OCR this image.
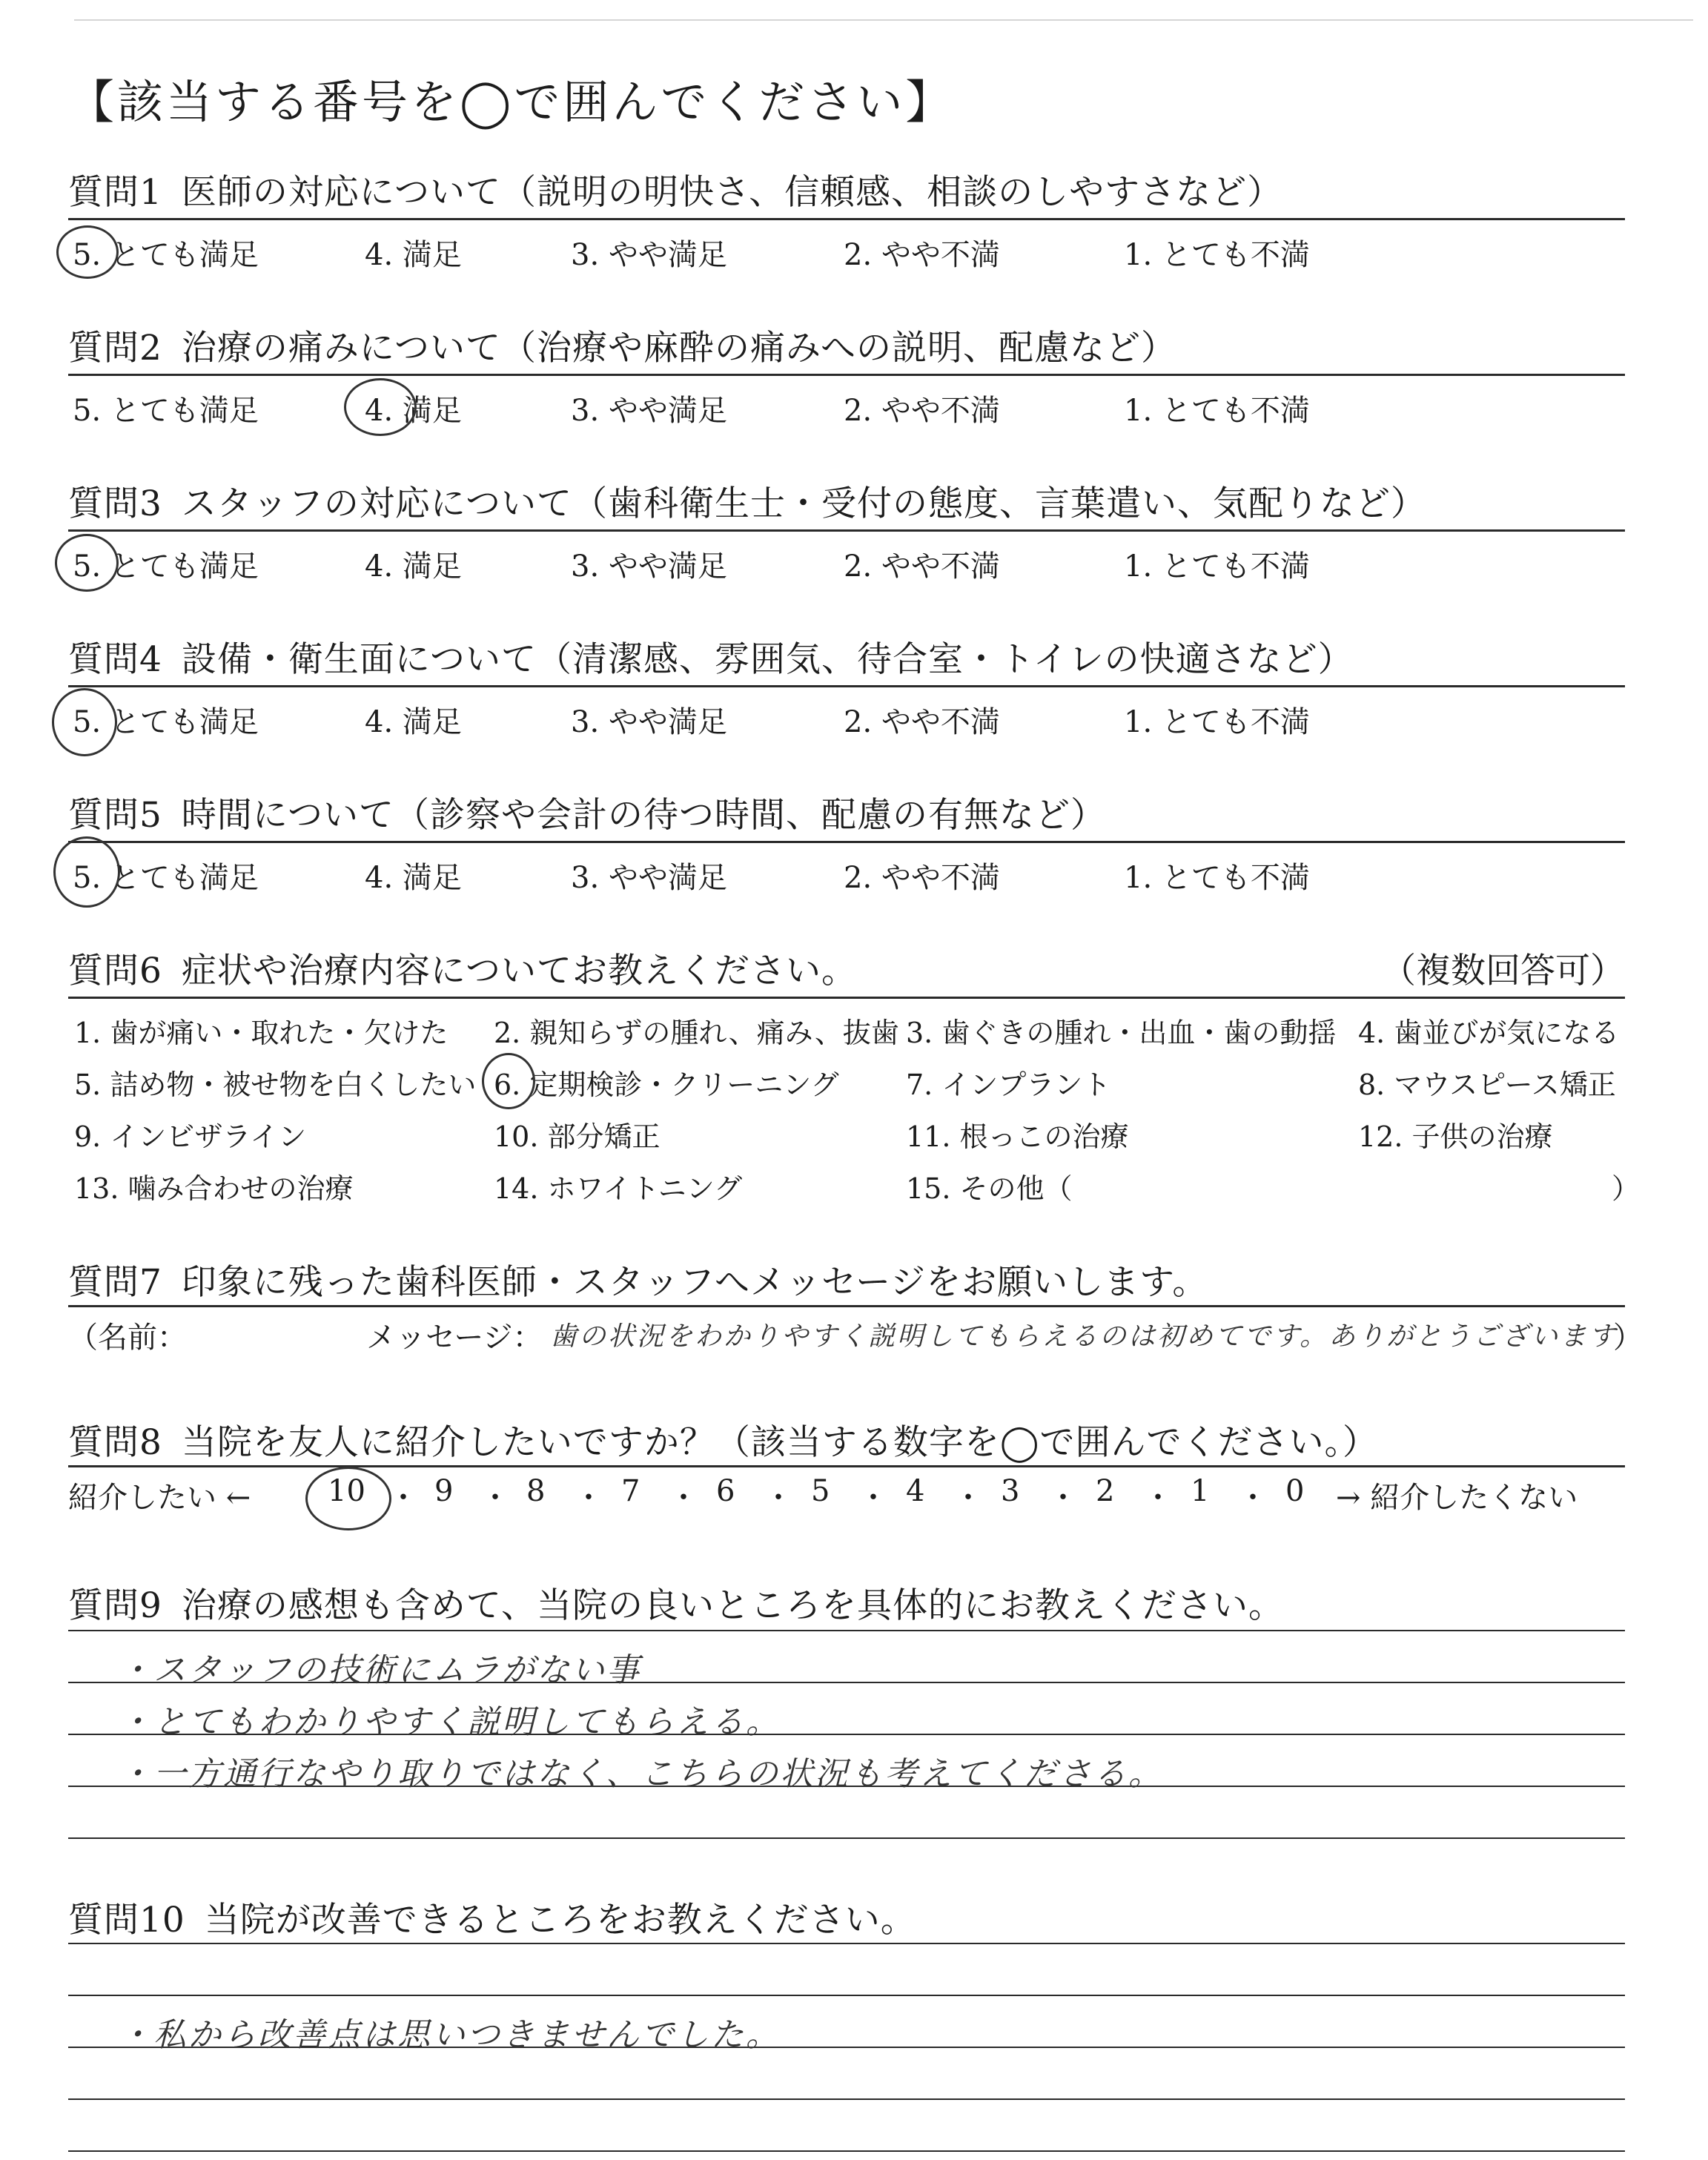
【該当する番号を◯で囲んでください】
質問1 医師の対応について（説明の明快さ、信頼感、相談のしやすさなど）
5. とても満足	4. 満足	3. やや満足	2. やや不満	1. とても不満
質問2 治療の痛みについて（治療や麻酔の痛みへの説明、配慮など）
5. とても満足	4. 満足	3. やや満足	2. やや不満	1. とても不満
質問3 スタッフの対応について（歯科衛生士・受付の態度、言葉遣い、気配りなど）
5. とても満足	4. 満足	3. やや満足	2. やや不満	1. とても不満
質問4 設備・衛生面について（清潔感、雰囲気、待合室・トイレの快適さなど）
5. とても満足	4. 満足	3. やや満足	2. やや不満	1. とても不満
質問5 時間について（診察や会計の待つ時間、配慮の有無など）
5. とても満足	4. 満足	3. やや満足	2. やや不満	1. とても不満
質問6 症状や治療内容についてお教えください。	（複数回答可）
1. 歯が痛い・取れた・欠けた 2. 親知らずの腫れ、痛み、抜歯 3. 歯ぐきの腫れ・出血・歯の動揺 4. 歯並びが気になる
5. 詰め物・被せ物を白くしたい 6. 定期検診・クリーニング 7. インプラント	8. マウスピース矯正
9. インビザライン	10. 部分矯正	11. 根っこの治療	12. 子供の治療
13. 噛み合わせの治療	14. ホワイトニング	15. その他（	）
質問7 印象に残った歯科医師・スタッフへメッセージをお願いします。
（名前：	メッセージ： 歯の状況をわかりやすく説明してもらえるのは初めてです。ありがとうございます
）
質問8 当院を友人に紹介したいですか？（該当する数字を◯で囲んでください。）
紹介したい ←	10 ・ 9 ・ 8 ・ 7 ・ 6 ・ 5 ・ 4 ・ 3 ・ 2 ・ 1 ・ 0 → 紹介したくない
質問9 治療の感想も含めて、当院の良いところを具体的にお教えください。
・スタッフの技術にムラがない事
・とてもわかりやすく説明してもらえる。
・一方通行なやり取りではなく、こちらの状況も考えてくださる。
質問10 当院が改善できるところをお教えください。
・私から改善点は思いつきませんでした。
